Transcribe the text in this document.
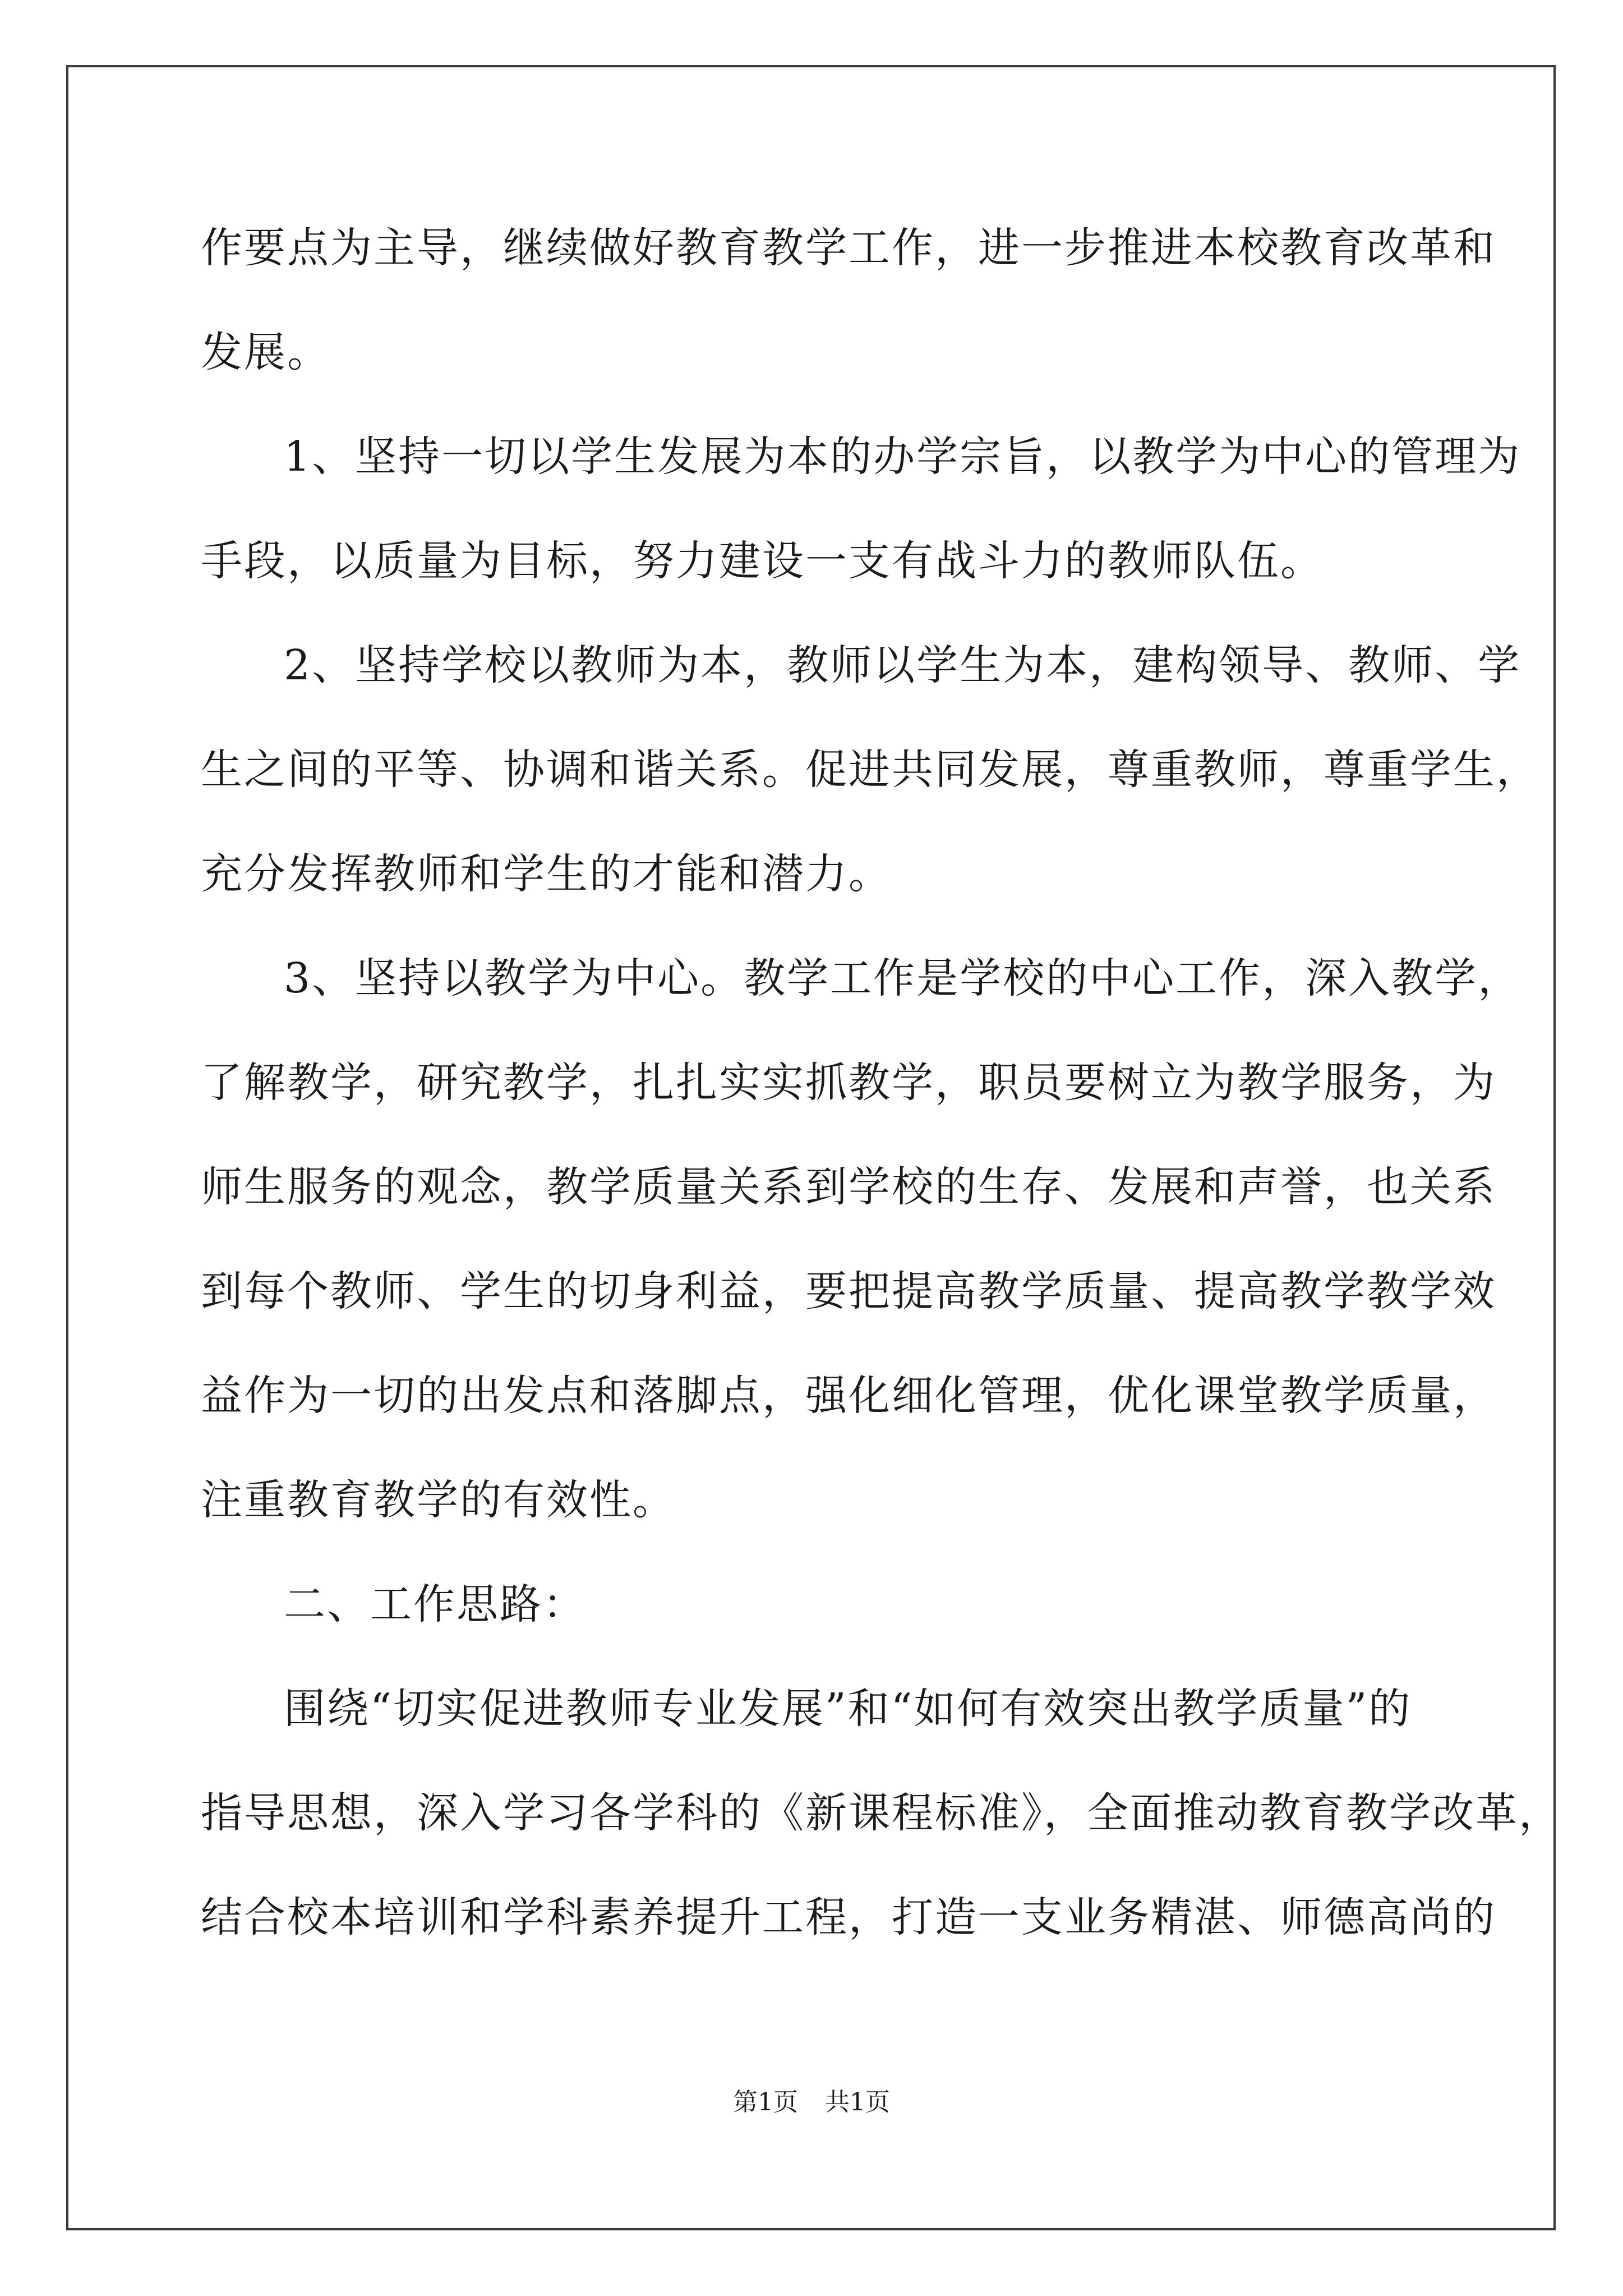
作要点为主导，继续做好教育教学工作，进一步推进本校教育改革和
发展。
1、坚持一切以学生发展为本的办学宗旨，以教学为中心的管理为
手段，以质量为目标，努力建设一支有战斗力的教师队伍。
2、坚持学校以教师为本，教师以学生为本，建构领导、教师、学
生之间的平等、协调和谐关系。促进共同发展，尊重教师，尊重学生，
充分发挥教师和学生的才能和潜力。
3、坚持以教学为中心。教学工作是学校的中心工作，深入教学，
了解教学，研究教学，扎扎实实抓教学，职员要树立为教学服务，为
师生服务的观念，教学质量关系到学校的生存、发展和声誉，也关系
到每个教师、学生的切身利益，要把提高教学质量、提高教学教学效
益作为一切的出发点和落脚点，强化细化管理，优化课堂教学质量，
注重教育教学的有效性。
二、工作思路：
围绕“切实促进教师专业发展”和“如何有效突出教学质量”的
指导思想，深入学习各学科的《新课程标准》，全面推动教育教学改革，
结合校本培训和学科素养提升工程，打造一支业务精湛、师德高尚的
第1页 共1页
